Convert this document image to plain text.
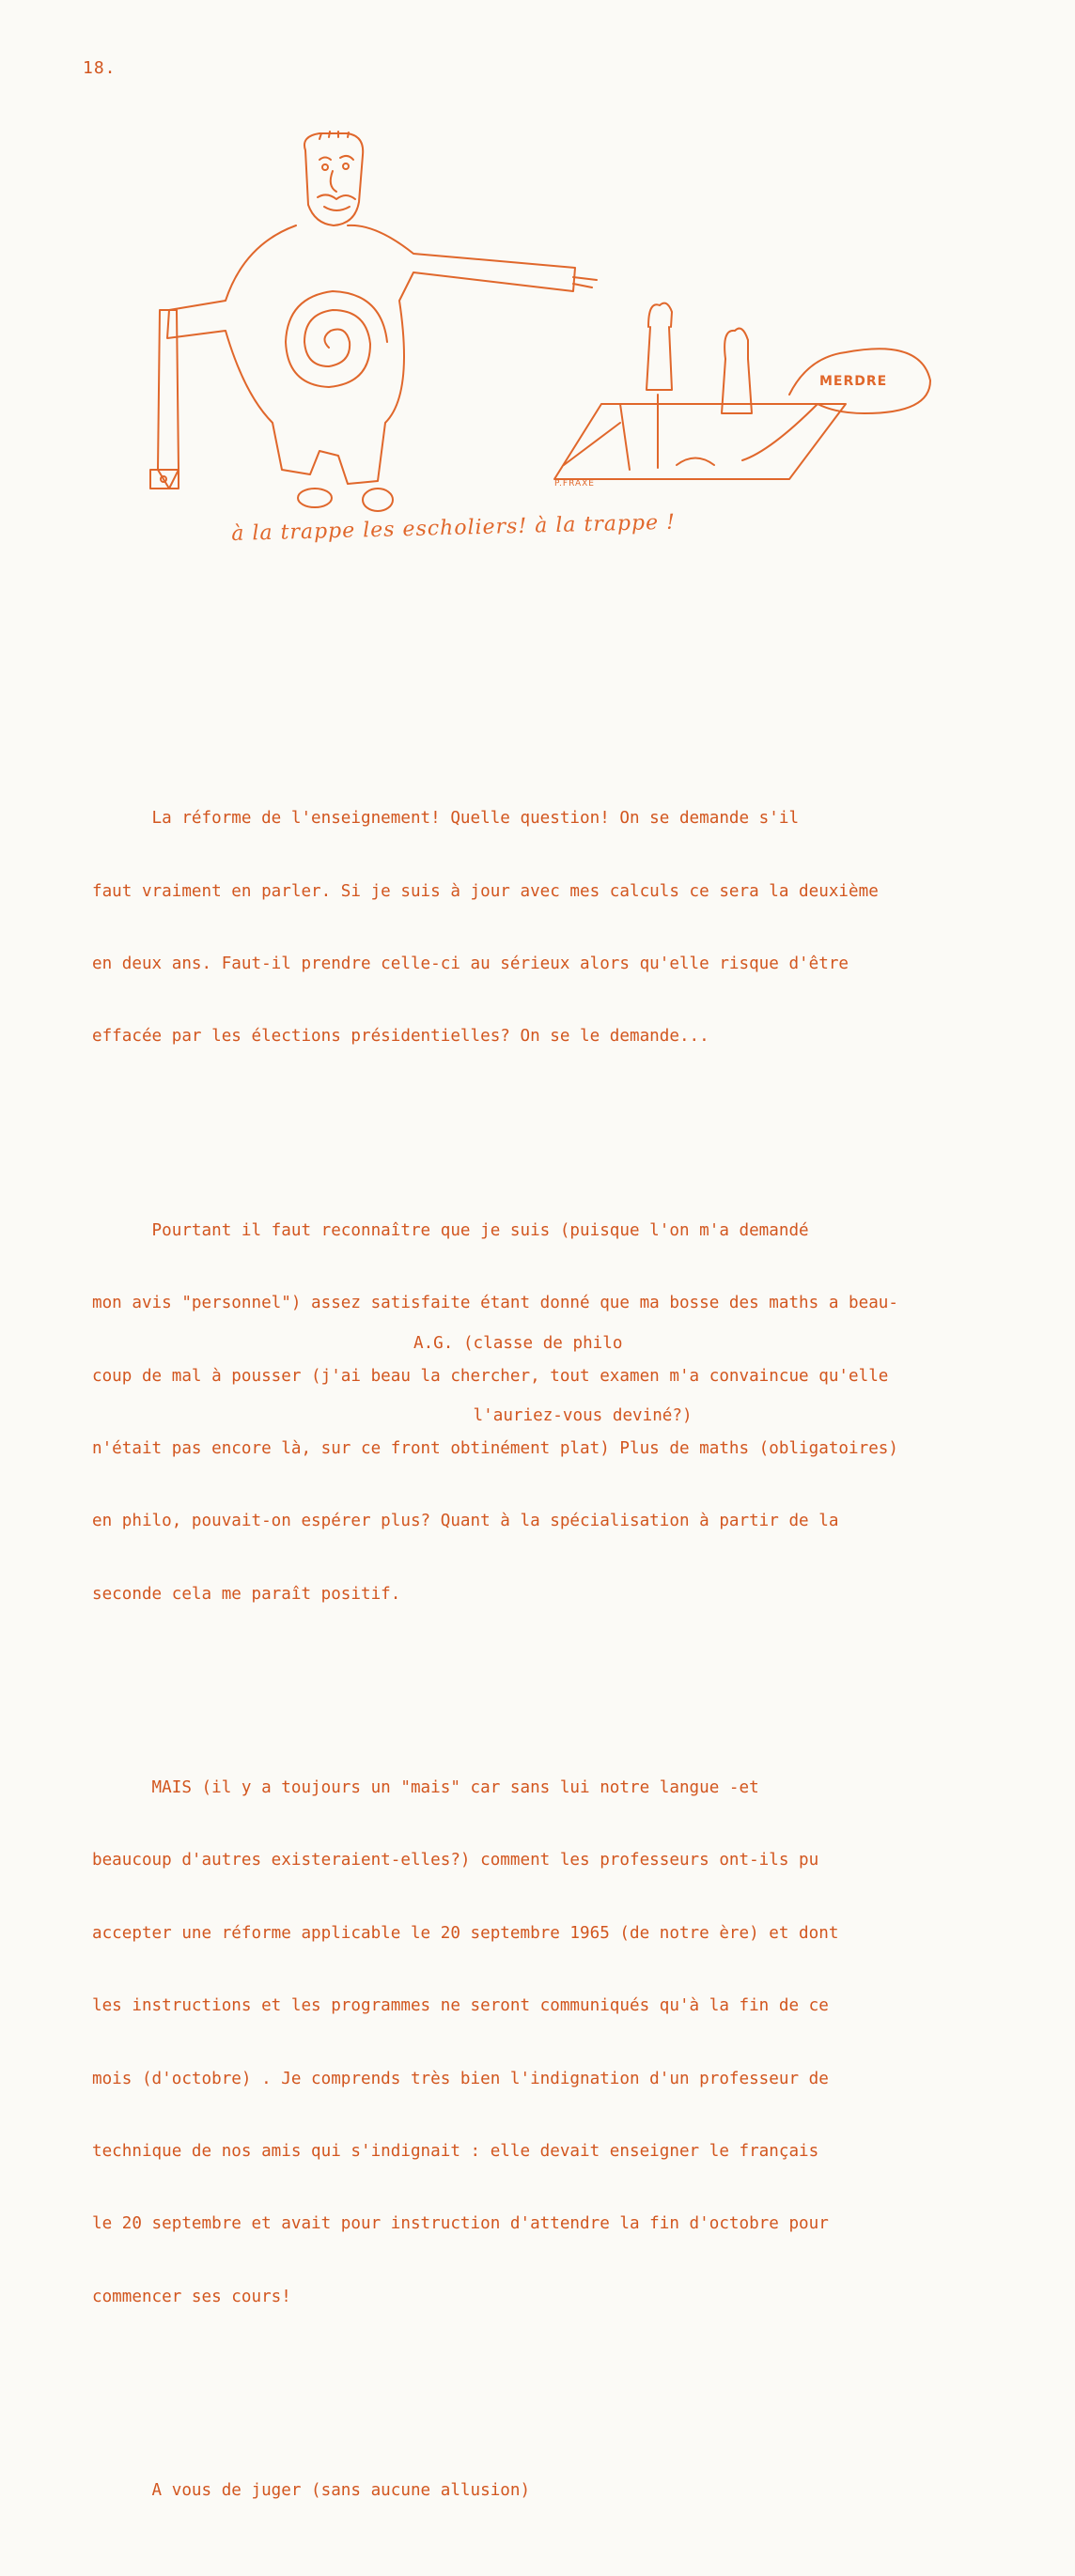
18.
MERDRE
P.FRAXE
à la trappe les escholiers! à la trappe !

La réforme de l'enseignement! Quelle question! On se demande s'il

faut vraiment en parler. Si je suis à jour avec mes calculs ce sera la deuxième

en deux ans. Faut-il prendre celle-ci au sérieux alors qu'elle risque d'être

effacée par les élections présidentielles? On se le demande...

Pourtant il faut reconnaître que je suis (puisque l'on m'a demandé

mon avis "personnel") assez satisfaite étant donné que ma bosse des maths a beau-

coup de mal à pousser (j'ai beau la chercher, tout examen m'a convaincue qu'elle

n'était pas encore là, sur ce front obtinément plat) Plus de maths (obligatoires)

en philo, pouvait-on espérer plus? Quant à la spécialisation à partir de la

seconde cela me paraît positif.

MAIS (il y a toujours un "mais" car sans lui notre langue -et

beaucoup d'autres existeraient-elles?) comment les professeurs ont-ils pu

accepter une réforme applicable le 20 septembre 1965 (de notre ère) et dont

les instructions et les programmes ne seront communiqués qu'à la fin de ce

mois (d'octobre) . Je comprends très bien l'indignation d'un professeur de

technique de nos amis qui s'indignait : elle devait enseigner le français

le 20 septembre et avait pour instruction d'attendre la fin d'octobre pour

commencer ses cours!

A vous de juger (sans aucune allusion)

A.G. (classe de philo

l'auriez-vous deviné?)
